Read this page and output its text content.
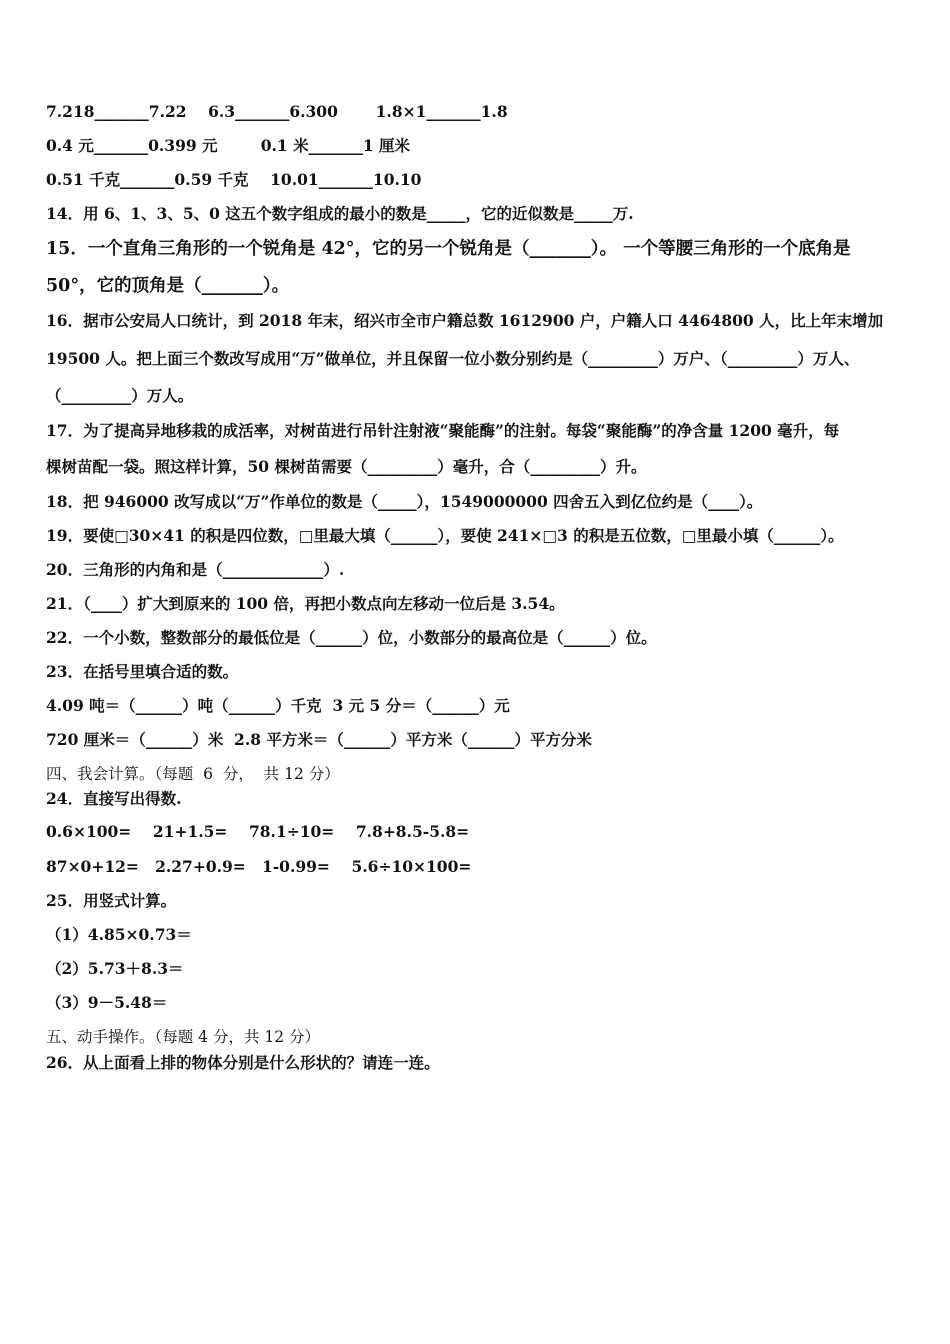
7.218_______7.22    6.3_______6.300       1.8×1_______1.8
0.4 元_______0.399 元        0.1 米_______1 厘米
0.51 千克_______0.59 千克    10.01_______10.10
14．用 6、1、3、5、0 这五个数字组成的最小的数是_____，它的近似数是_____万.
15．一个直角三角形的一个锐角是 42°，它的另一个锐角是（_______）。 一个等腰三角形的一个底角是
50°，它的顶角是（_______）。
16．据市公安局人口统计，到 2018 年末，绍兴市全市户籍总数 1612900 户，户籍人口 4464800 人，比上年末增加
19500 人。把上面三个数改写成用“万”做单位，并且保留一位小数分别约是（_________）万户、（_________）万人、
（_________）万人。
17．为了提高异地移栽的成活率，对树苗进行吊针注射液“聚能酶”的注射。每袋“聚能酶”的净含量 1200 毫升，每
棵树苗配一袋。照这样计算，50 棵树苗需要（_________）毫升，合（_________）升。
18．把 946000 改写成以“万”作单位的数是（_____），1549000000 四舍五入到亿位约是（____）。
19．要使□30×41 的积是四位数，□里最大填（______），要使 241×□3 的积是五位数，□里最小填（______）。
20．三角形的内角和是（_____________）.
21．（____）扩大到原来的 100 倍，再把小数点向左移动一位后是 3.54。
22．一个小数，整数部分的最低位是（______）位，小数部分的最高位是（______）位。
23．在括号里填合适的数。
4.09 吨＝（______）吨（______）千克  3 元 5 分＝（______）元
720 厘米＝（______）米  2.8 平方米＝（______）平方米（______）平方分米
四、我会计算。（每题  6  分，  共 12 分）
24．直接写出得数.
0.6×100=    21+1.5=    78.1÷10=    7.8+8.5-5.8=
87×0+12=   2.27+0.9=   1-0.99=    5.6÷10×100=
25．用竖式计算。
（1）4.85×0.73＝
（2）5.73＋8.3＝
（3）9－5.48＝
五、动手操作。（每题 4 分，共 12 分）
26．从上面看上排的物体分别是什么形状的？请连一连。
